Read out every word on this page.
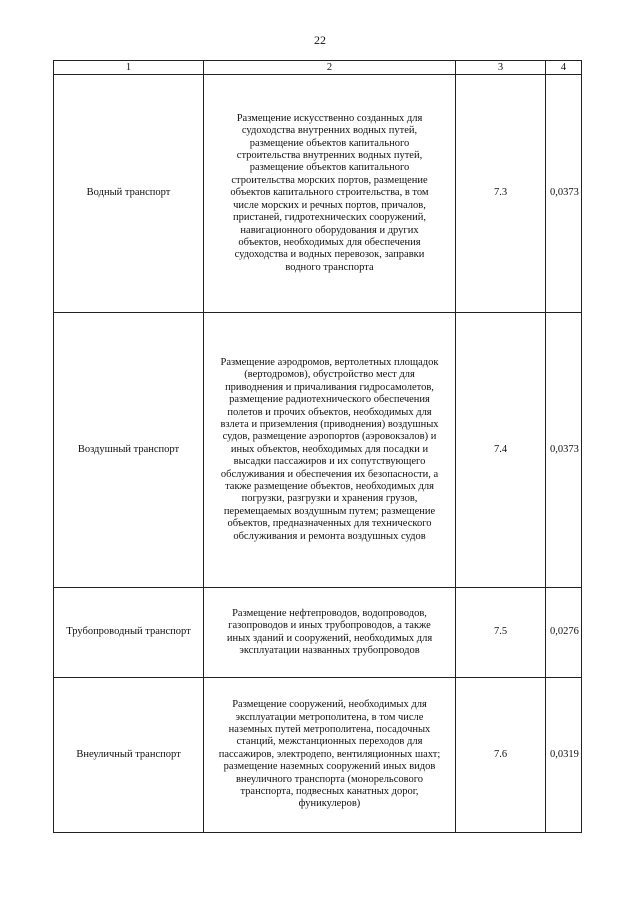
22
1	2	3	4
Водный транспорт	Размещение искусственно созданных для судоходства внутренних водных путей, размещение объектов капитального строительства внутренних водных путей, размещение объектов капитального строительства морских портов, размещение объектов капитального строительства, в том числе морских и речных портов, причалов, пристаней, гидротехнических сооружений, навигационного оборудования и других объектов, необходимых для обеспечения судоходства и водных перевозок, заправки водного транспорта	7.3	0,0373
Воздушный транспорт	Размещение аэродромов, вертолетных площадок (вертодромов), обустройство мест для приводнения и причаливания гидросамолетов, размещение радиотехнического обеспечения полетов и прочих объектов, необходимых для взлета и приземления (приводнения) воздушных судов, размещение аэропортов (аэровокзалов) и иных объектов, необходимых для посадки и высадки пассажиров и их сопутствующего обслуживания и обеспечения их безопасности, а также размещение объектов, необходимых для погрузки, разгрузки и хранения грузов, перемещаемых воздушным путем; размещение объектов, предназначенных для технического обслуживания и ремонта воздушных судов	7.4	0,0373
Трубопроводный транспорт	Размещение нефтепроводов, водопроводов, газопроводов и иных трубопроводов, а также иных зданий и сооружений, необходимых для эксплуатации названных трубопроводов	7.5	0,0276
Внеуличный транспорт	Размещение сооружений, необходимых для эксплуатации метрополитена, в том числе наземных путей метрополитена, посадочных станций, межстанционных переходов для пассажиров, электродепо, вентиляционных шахт; размещение наземных сооружений иных видов внеуличного транспорта (монорельсового транспорта, подвесных канатных дорог, фуникулеров)	7.6	0,0319
